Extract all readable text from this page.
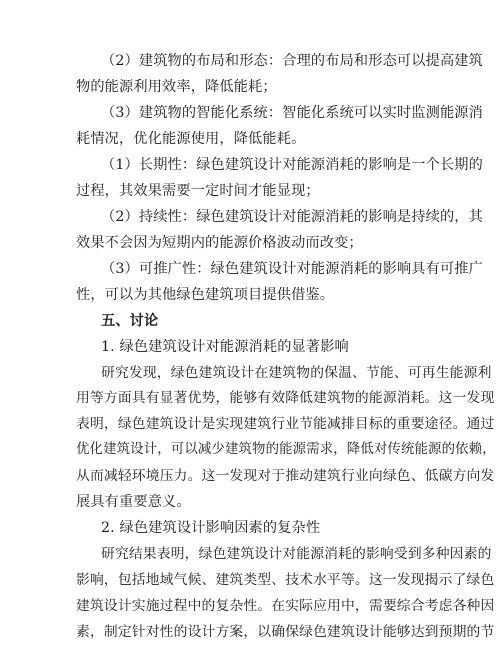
（2）建筑物的布局和形态：合理的布局和形态可以提高建筑
物的能源利用效率，降低能耗；
（3）建筑物的智能化系统：智能化系统可以实时监测能源消
耗情况，优化能源使用，降低能耗。
（1）长期性：绿色建筑设计对能源消耗的影响是一个长期的
过程，其效果需要一定时间才能显现；
（2）持续性：绿色建筑设计对能源消耗的影响是持续的，其
效果不会因为短期内的能源价格波动而改变；
（3）可推广性：绿色建筑设计对能源消耗的影响具有可推广
性，可以为其他绿色建筑项目提供借鉴。
五、讨论
1. 绿色建筑设计对能源消耗的显著影响
研究发现，绿色建筑设计在建筑物的保温、节能、可再生能源利
用等方面具有显著优势，能够有效降低建筑物的能源消耗。这一发现
表明，绿色建筑设计是实现建筑行业节能减排目标的重要途径。通过
优化建筑设计，可以减少建筑物的能源需求，降低对传统能源的依赖，
从而减轻环境压力。这一发现对于推动建筑行业向绿色、低碳方向发
展具有重要意义。
2. 绿色建筑设计影响因素的复杂性
研究结果表明，绿色建筑设计对能源消耗的影响受到多种因素的
影响，包括地域气候、建筑类型、技术水平等。这一发现揭示了绿色
建筑设计实施过程中的复杂性。在实际应用中，需要综合考虑各种因
素，制定针对性的设计方案，以确保绿色建筑设计能够达到预期的节
